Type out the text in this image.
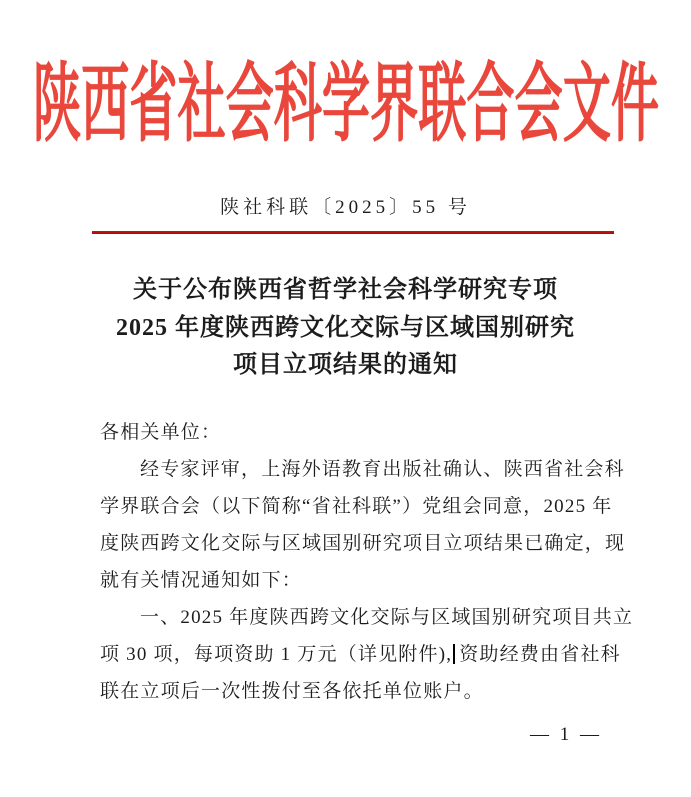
陕西省社会科学界联合会文件
陕社科联〔2025〕55 号
关于公布陕西省哲学社会科学研究专项
2025 年度陕西跨文化交际与区域国别研究
项目立项结果的通知
各相关单位：
经专家评审，上海外语教育出版社确认、陕西省社会科
学界联合会（以下简称“省社科联”）党组会同意，2025 年
度陕西跨文化交际与区域国别研究项目立项结果已确定，现
就有关情况通知如下：
一、2025 年度陕西跨文化交际与区域国别研究项目共立
项 30 项，每项资助 1 万元（详见附件), 资助经费由省社科
联在立项后一次性拨付至各依托单位账户。
— 1 —
